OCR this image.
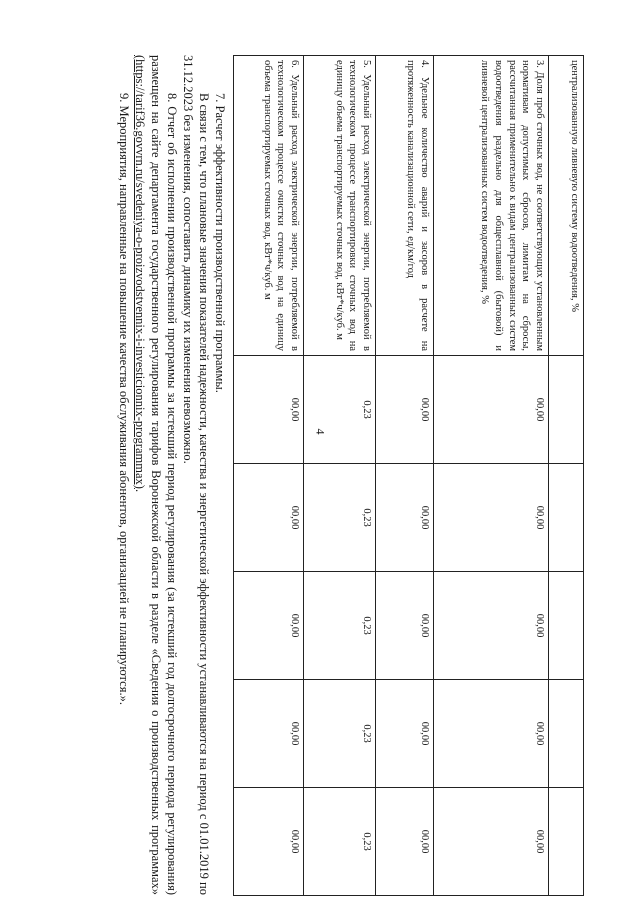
4
централизованную ливневую систему водоотведения, %					
3. Доля проб сточных вод, не соответствующих установленным нормативам допустимых сбросов, лимитам на сбросы, рассчитанная применительно к видам централизованных систем водоотведения раздельно для общесплавной (бытовой) и ливневой централизованных систем водоотведения, %	00,00	00,00	00,00	00,00	00,00
4. Удельное количество аварий и засоров в расчете на протяженность канализационной сети, ед/км/год	00,00	00,00	00,00	00,00	00,00
5. Удельный расход электрической энергии, потребляемой в технологическом процессе транспортировки сточных вод на единицу объема транспортируемых сточных вод, кВт*ч/куб. м	0,23	0,23	0,23	0,23	0,23
6. Удельный расход электрической энергии, потребляемой в технологическом процессе очистки сточных вод на единицу объема транспортируемых сточных вод, кВт*ч/куб. м	00,00	00,00	00,00	00,00	00,00

7. Расчет эффективности производственной программы.

В связи с тем, что плановые значения показателей надежности, качества и энергетической эффективности устанавливаются на период с 01.01.2019 по 31.12.2023 без изменения, сопоставить динамику их изменения невозможно.

8. Отчет об исполнении производственной программы за истекший период регулирования (за истекший год долгосрочного периода регулирования) размещен на сайте департамента государственного регулирования тарифов Воронежской области в разделе «Сведения о производственных программах» (https://tarif36.govvrn.ru/svedeniya-o-proizvodstvennix-i-investicionnix-programmax).

9. Мероприятия, направленные на повышение качества обслуживания абонентов, организацией не планируются.».
